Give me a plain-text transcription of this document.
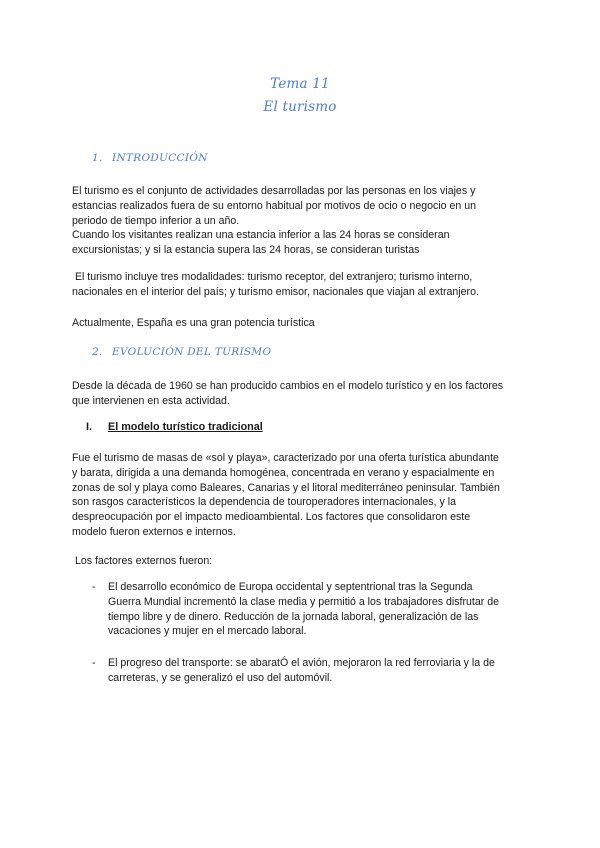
Tema 11
El turismo
1. INTRODUCCIÓN
El turismo es el conjunto de actividades desarrolladas por las personas en los viajes y
estancias realizados fuera de su entorno habitual por motivos de ocio o negocio en un
periodo de tiempo inferior a un año.
Cuando los visitantes realizan una estancia inferior a las 24 horas se consideran
excursionistas; y si la estancia supera las 24 horas, se consideran turistas
El turismo incluye tres modalidades: turismo receptor, del extranjero; turismo interno,
nacionales en el interior del país; y turismo emisor, nacionales que viajan al extranjero.
Actualmente, España es una gran potencia turística
2. EVOLUCIÓN DEL TURISMO
Desde la década de 1960 se han producido cambios en el modelo turístico y en los factores
que intervienen en esta actividad.
I. El modelo turístico tradicional
Fue el turismo de masas de «sol y playa», caracterizado por una oferta turística abundante
y barata, dirigida a una demanda homogénea, concentrada en verano y espacialmente en
zonas de sol y playa como Baleares, Canarias y el litoral mediterráneo peninsular. También
son rasgos característicos la dependencia de touroperadores internacionales, y la
despreocupación por el impacto medioambiental. Los factores que consolidaron este
modelo fueron externos e internos.
Los factores externos fueron:
- El desarrollo económico de Europa occidental y septentrional tras la Segunda
Guerra Mundial incrementó la clase media y permitió a los trabajadores disfrutar de
tiempo libre y de dinero. Reducción de la jornada laboral, generalización de las
vacaciones y mujer en el mercado laboral.
- El progreso del transporte: se abaratÓ el avión, mejoraron la red ferroviaria y la de
carreteras, y se generalizó el uso del automóvil.
